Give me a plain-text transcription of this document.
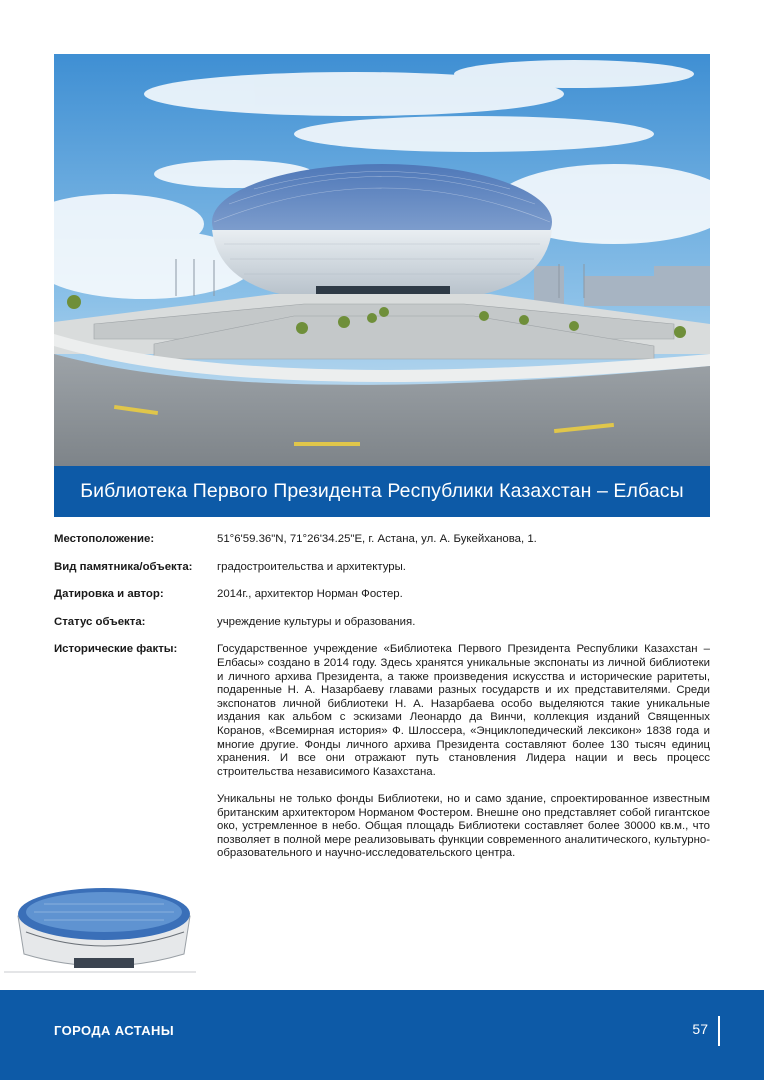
Библиотека Первого Президента Республики Казахстан – Елбасы
Местоположение:	51°6'59.36"N, 71°26'34.25"E, г. Астана, ул. А. Букейханова, 1.
Вид памятника/объекта:	градостроительства и архитектуры.
Датировка и автор:	2014г., архитектор Норман Фостер.
Статус объекта:	учреждение культуры и образования.
Исторические факты:	Государственное учреждение «Библиотека Первого Президента Республики Казахстан – Елбасы» создано в 2014 году. Здесь хранятся уникальные экспонаты из личной библиотеки и личного архива Президента, а также произведения искусства и исторические раритеты, подаренные Н. А. Назарбаеву главами разных государств и их представителями. Среди экспонатов личной библиотеки Н. А. Назарбаева особо выделяются такие уникальные издания как альбом с эскизами Леонардо да Винчи, коллекция изданий Священных Коранов, «Всемирная история» Ф. Шлоссера, «Энциклопедический лексикон» 1838 года и многие другие. Фонды личного архива Президента составляют более 130 тысяч единиц хранения. И все они отражают путь становления Лидера нации и весь процесс строительства независимого Казахстана.

Уникальны не только фонды Библиотеки, но и само здание, спроектированное известным британским архитектором Норманом Фостером. Внешне оно представляет собой гигантское око, устремленное в небо. Общая площадь Библиотеки составляет более 30000 кв.м., что позволяет в полной мере реализовывать функции современного аналитического, культурно-образовательного и научно-исследовательского центра.

ГОРОДА АСТАНЫ	57
